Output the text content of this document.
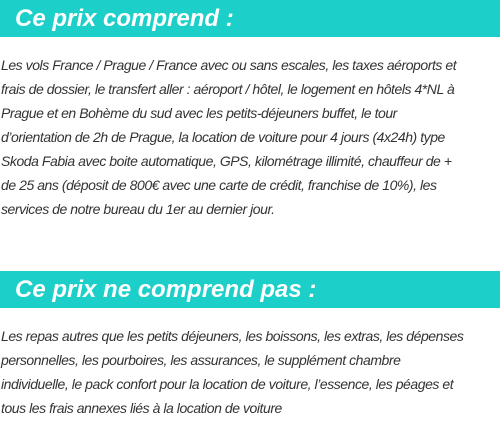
Ce prix comprend :
Les vols France / Prague / France avec ou sans escales, les taxes aéroports et
frais de dossier, le transfert aller : aéroport / hôtel, le logement en hôtels 4*NL à
Prague et en Bohème du sud avec les petits-déjeuners buffet, le tour
d’orientation de 2h de Prague, la location de voiture pour 4 jours (4x24h) type
Skoda Fabia avec boite automatique, GPS, kilométrage illimité, chauffeur de +
de 25 ans (déposit de 800€ avec une carte de crédit, franchise de 10%), les
services de notre bureau du 1er au dernier jour.
Ce prix ne comprend pas :
Les repas autres que les petits déjeuners, les boissons, les extras, les dépenses
personnelles, les pourboires, les assurances, le supplément chambre
individuelle, le pack confort pour la location de voiture, l’essence, les péages et
tous les frais annexes liés à la location de voiture
